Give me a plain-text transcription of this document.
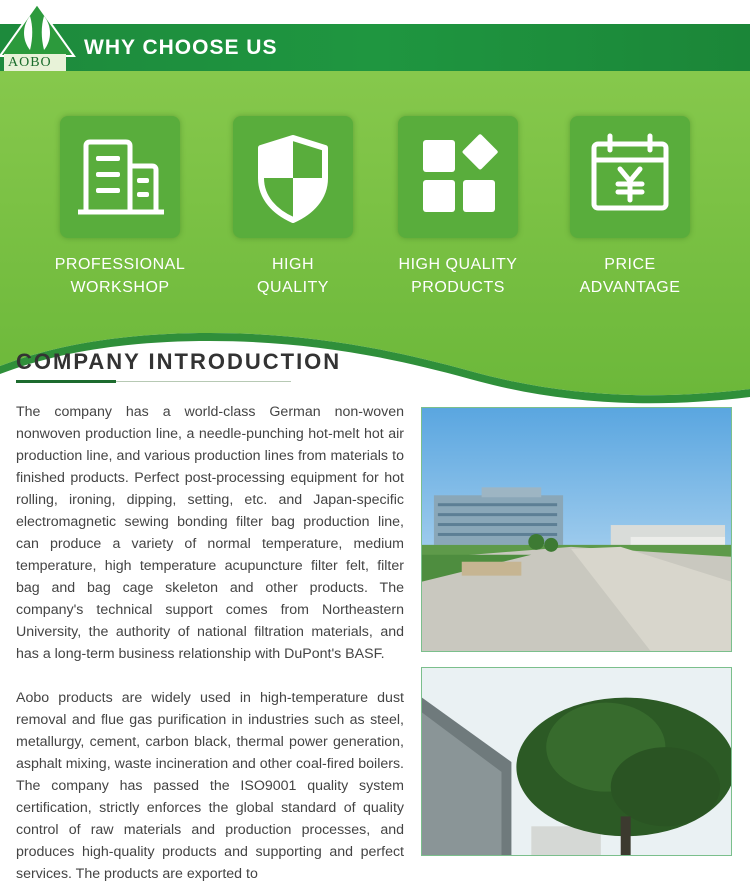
AOBO
WHY CHOOSE US
PROFESSIONAL
WORKSHOP
HIGH
QUALITY
HIGH QUALITY
PRODUCTS
PRICE
ADVANTAGE
COMPANY INTRODUCTION

The company has a world-class German non-woven nonwoven production line, a needle-punching hot-melt hot air production line, and various production lines from materials to finished products. Perfect post-processing equipment for hot rolling, ironing, dipping, setting, etc. and Japan-specific electromagnetic sewing bonding filter bag production line, can produce a variety of normal temperature, medium temperature, high temperature acupuncture filter felt, filter bag and bag cage skeleton and other products. The company's technical support comes from Northeastern University, the authority of national filtration materials, and has a long-term business relationship with DuPont's BASF.

Aobo products are widely used in high-temperature dust removal and flue gas purification in industries such as steel, metallurgy, cement, carbon black, thermal power generation, asphalt mixing, waste incineration and other coal-fired boilers. The company has passed the ISO9001 quality system certification, strictly enforces the global standard of quality control of raw materials and production processes, and produces high-quality products and supporting and perfect services. The products are exported to
